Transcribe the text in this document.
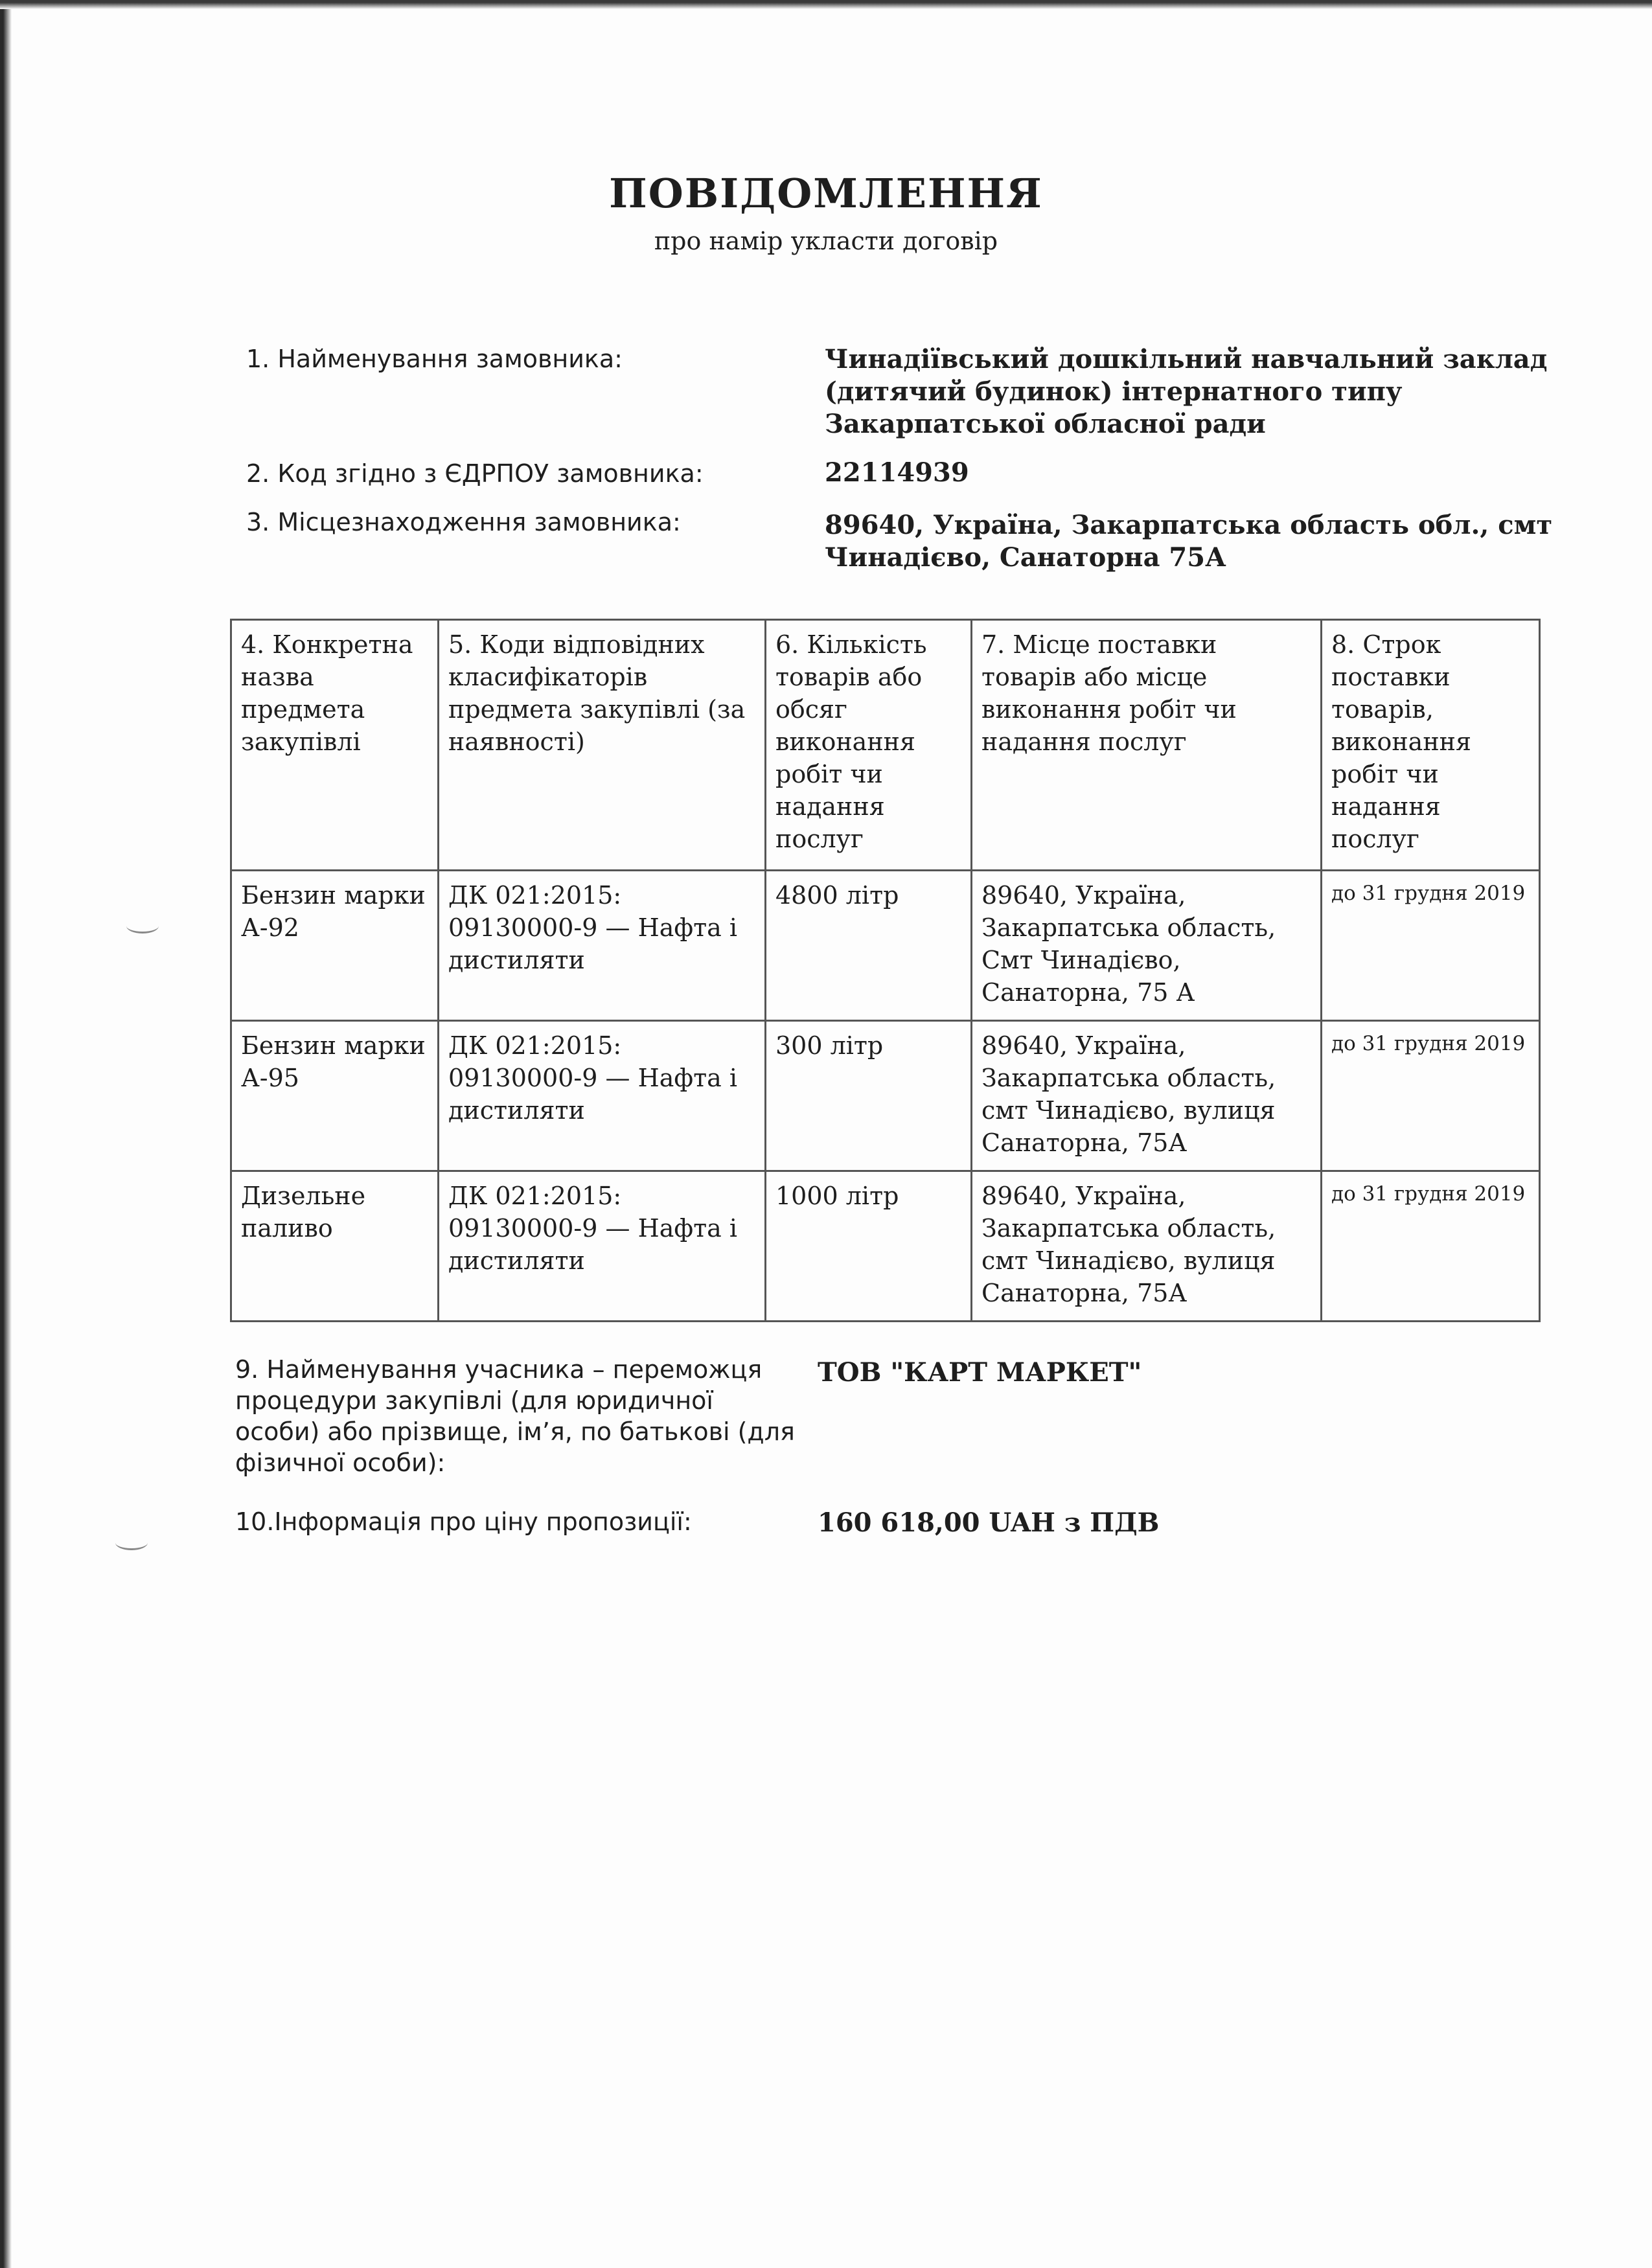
ПОВІДОМЛЕННЯ
про намір укласти договір
1. Найменування замовника:	Чинадіївський дошкільний навчальний заклад
(дитячий будинок) інтернатного типу
Закарпатської обласної ради
2. Код згідно з ЄДРПОУ замовника:	22114939
3. Місцезнаходження замовника:	89640, Україна, Закарпатська область обл., смт
Чинадієво, Санаторна 75А
4. Конкретна назва предмета закупівлі	5. Коди відповідних класифікаторів предмета закупівлі (за наявності)	6. Кількість товарів або обсяг виконання робіт чи надання послуг	7. Місце поставки товарів або місце виконання робіт чи надання послуг	8. Строк поставки товарів, виконання робіт чи надання послуг
Бензин марки А-92	ДК 021:2015: 09130000-9 — Нафта і дистиляти	4800 літр	89640, Україна, Закарпатська область, Смт Чинадієво, Санаторна, 75 А	до 31 грудня 2019
Бензин марки А-95	ДК 021:2015: 09130000-9 — Нафта і дистиляти	300 літр	89640, Україна, Закарпатська область, смт Чинадієво, вулиця Санаторна, 75А	до 31 грудня 2019
Дизельне паливо	ДК 021:2015: 09130000-9 — Нафта і дистиляти	1000 літр	89640, Україна, Закарпатська область, смт Чинадієво, вулиця Санаторна, 75А	до 31 грудня 2019
9. Найменування учасника – переможця
процедури закупівлі (для юридичної
особи) або прізвище, ім’я, по батькові (для
фізичної особи):
ТОВ "КАРТ МАРКЕТ"
10.Інформація про ціну пропозиції:	160 618,00 UAH з ПДВ
